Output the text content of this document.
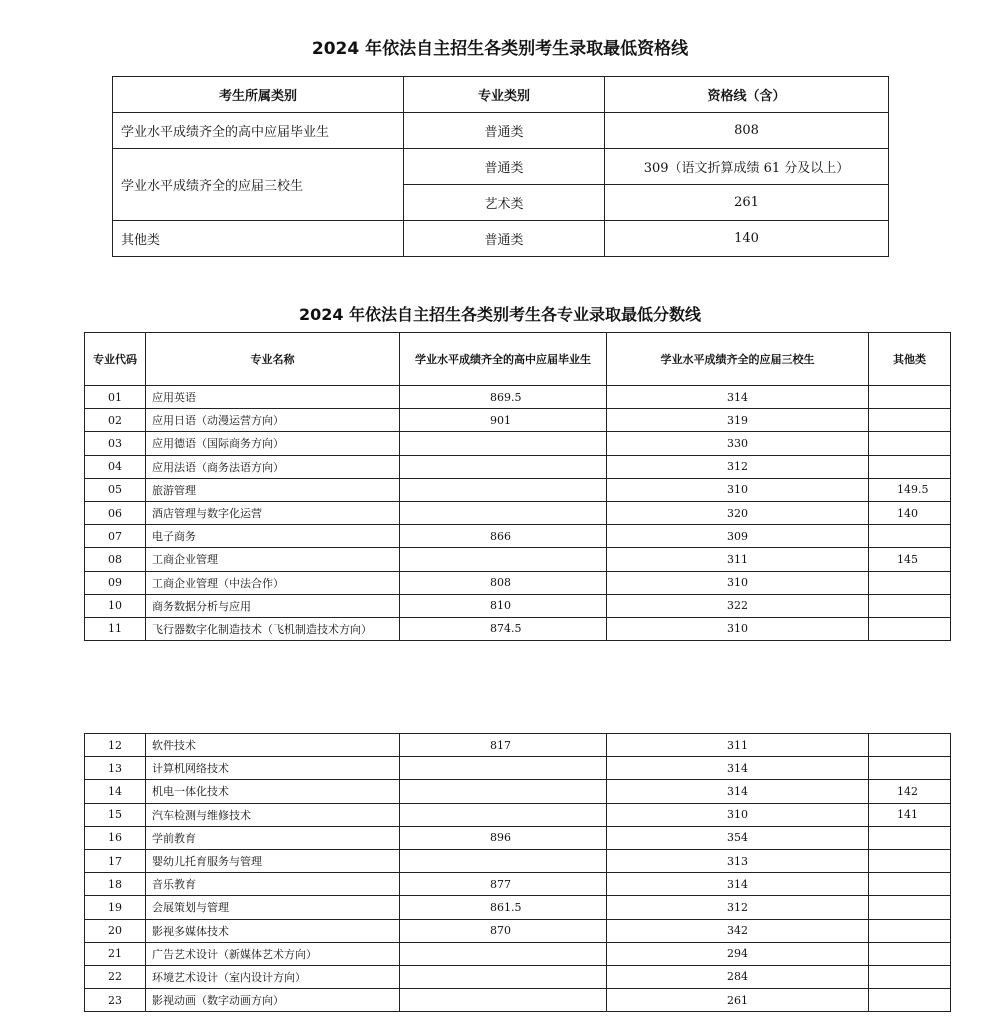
2024 年依法自主招生各类别考生录取最低资格线
考生所属类别	专业类别	资格线（含）
学业水平成绩齐全的高中应届毕业生	普通类	808
学业水平成绩齐全的应届三校生	普通类	309（语文折算成绩 61 分及以上）
	艺术类	261
其他类	普通类	140
2024 年依法自主招生各类别考生各专业录取最低分数线
专业代码	专业名称	学业水平成绩齐全的高中应届毕业生	学业水平成绩齐全的应届三校生	其他类
01	应用英语	869.5	314	
02	应用日语（动漫运营方向）	901	319	
03	应用德语（国际商务方向）		330	
04	应用法语（商务法语方向）		312	
05	旅游管理		310	149.5
06	酒店管理与数字化运营		320	140
07	电子商务	866	309	
08	工商企业管理		311	145
09	工商企业管理（中法合作）	808	310	
10	商务数据分析与应用	810	322	
11	飞行器数字化制造技术（飞机制造技术方向）	874.5	310	
12	软件技术	817	311	
13	计算机网络技术		314	
14	机电一体化技术		314	142
15	汽车检测与维修技术		310	141
16	学前教育	896	354	
17	婴幼儿托育服务与管理		313	
18	音乐教育	877	314	
19	会展策划与管理	861.5	312	
20	影视多媒体技术	870	342	
21	广告艺术设计（新媒体艺术方向）		294	
22	环境艺术设计（室内设计方向）		284	
23	影视动画（数字动画方向）		261	
